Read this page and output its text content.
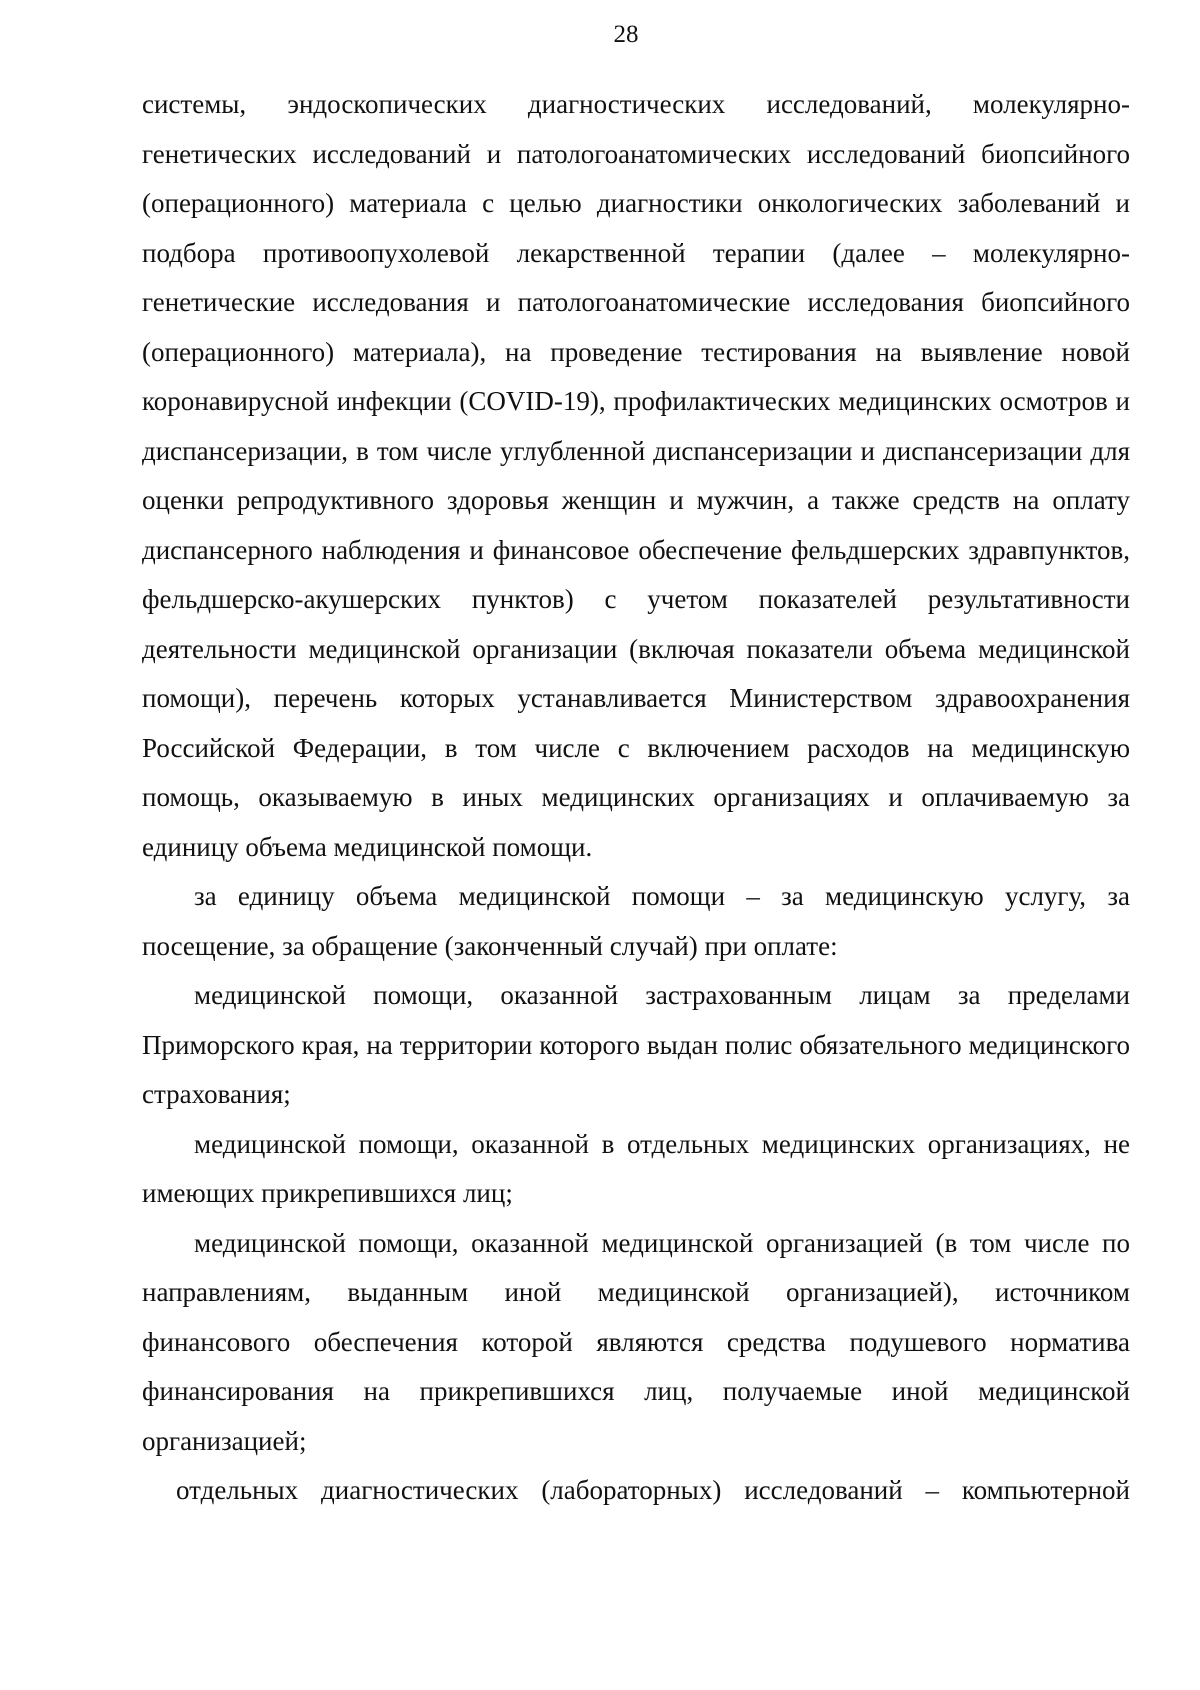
28

системы, эндоскопических диагностических исследований, молекулярно-генетических исследований и патологоанатомических исследований биопсийного (операционного) материала с целью диагностики онкологических заболеваний и подбора противоопухолевой лекарственной терапии (далее – молекулярно-генетические исследования и патологоанатомические исследования биопсийного (операционного) материала), на проведение тестирования на выявление новой коронавирусной инфекции (COVID-19), профилактических медицинских осмотров и диспансеризации, в том числе углубленной диспансеризации и диспансеризации для оценки репродуктивного здоровья женщин и мужчин, а также средств на оплату диспансерного наблюдения и финансовое обеспечение фельдшерских здравпунктов, фельдшерско-акушерских пунктов) с учетом показателей результативности деятельности медицинской организации (включая показатели объема медицинской помощи), перечень которых устанавливается Министерством здравоохранения Российской Федерации, в том числе с включением расходов на медицинскую помощь, оказываемую в иных медицинских организациях и оплачиваемую за единицу объема медицинской помощи.

за единицу объема медицинской помощи – за медицинскую услугу, за посещение, за обращение (законченный случай) при оплате:

медицинской помощи, оказанной застрахованным лицам за пределами Приморского края, на территории которого выдан полис обязательного медицинского страхования;

медицинской помощи, оказанной в отдельных медицинских организациях, не имеющих прикрепившихся лиц;

медицинской помощи, оказанной медицинской организацией (в том числе по направлениям, выданным иной медицинской организацией), источником финансового обеспечения которой являются средства подушевого норматива финансирования на прикрепившихся лиц, получаемые иной медицинской организацией;

отдельных диагностических (лабораторных) исследований – компьютерной
